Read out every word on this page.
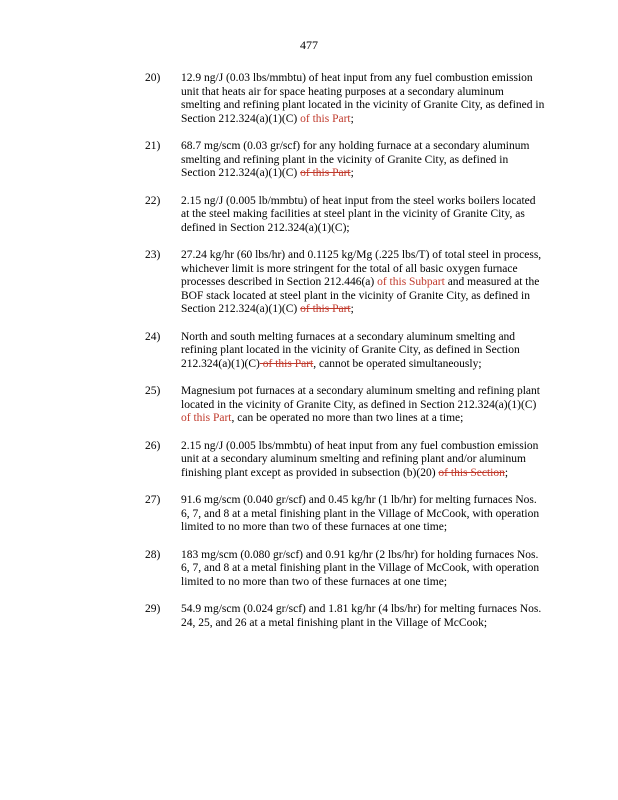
477
20)	12.9 ng/J (0.03 lbs/mmbtu) of heat input from any fuel combustion emission unit that heats air for space heating purposes at a secondary aluminum smelting and refining plant located in the vicinity of Granite City, as defined in Section 212.324(a)(1)(C) of this Part;
21)	68.7 mg/scm (0.03 gr/scf) for any holding furnace at a secondary aluminum smelting and refining plant in the vicinity of Granite City, as defined in Section 212.324(a)(1)(C) of this Part;
22)	2.15 ng/J (0.005 lb/mmbtu) of heat input from the steel works boilers located at the steel making facilities at steel plant in the vicinity of Granite City, as defined in Section 212.324(a)(1)(C);
23)	27.24 kg/hr (60 lbs/hr) and 0.1125 kg/Mg (.225 lbs/T) of total steel in process, whichever limit is more stringent for the total of all basic oxygen furnace processes described in Section 212.446(a) of this Subpart and measured at the BOF stack located at steel plant in the vicinity of Granite City, as defined in Section 212.324(a)(1)(C) of this Part;
24)	North and south melting furnaces at a secondary aluminum smelting and refining plant located in the vicinity of Granite City, as defined in Section 212.324(a)(1)(C) of this Part, cannot be operated simultaneously;
25)	Magnesium pot furnaces at a secondary aluminum smelting and refining plant located in the vicinity of Granite City, as defined in Section 212.324(a)(1)(C) of this Part, can be operated no more than two lines at a time;
26)	2.15 ng/J (0.005 lbs/mmbtu) of heat input from any fuel combustion emission unit at a secondary aluminum smelting and refining plant and/or aluminum finishing plant except as provided in subsection (b)(20) of this Section;
27)	91.6 mg/scm (0.040 gr/scf) and 0.45 kg/hr (1 lb/hr) for melting furnaces Nos. 6, 7, and 8 at a metal finishing plant in the Village of McCook, with operation limited to no more than two of these furnaces at one time;
28)	183 mg/scm (0.080 gr/scf) and 0.91 kg/hr (2 lbs/hr) for holding furnaces Nos. 6, 7, and 8 at a metal finishing plant in the Village of McCook, with operation limited to no more than two of these furnaces at one time;
29)	54.9 mg/scm (0.024 gr/scf) and 1.81 kg/hr (4 lbs/hr) for melting furnaces Nos. 24, 25, and 26 at a metal finishing plant in the Village of McCook;
